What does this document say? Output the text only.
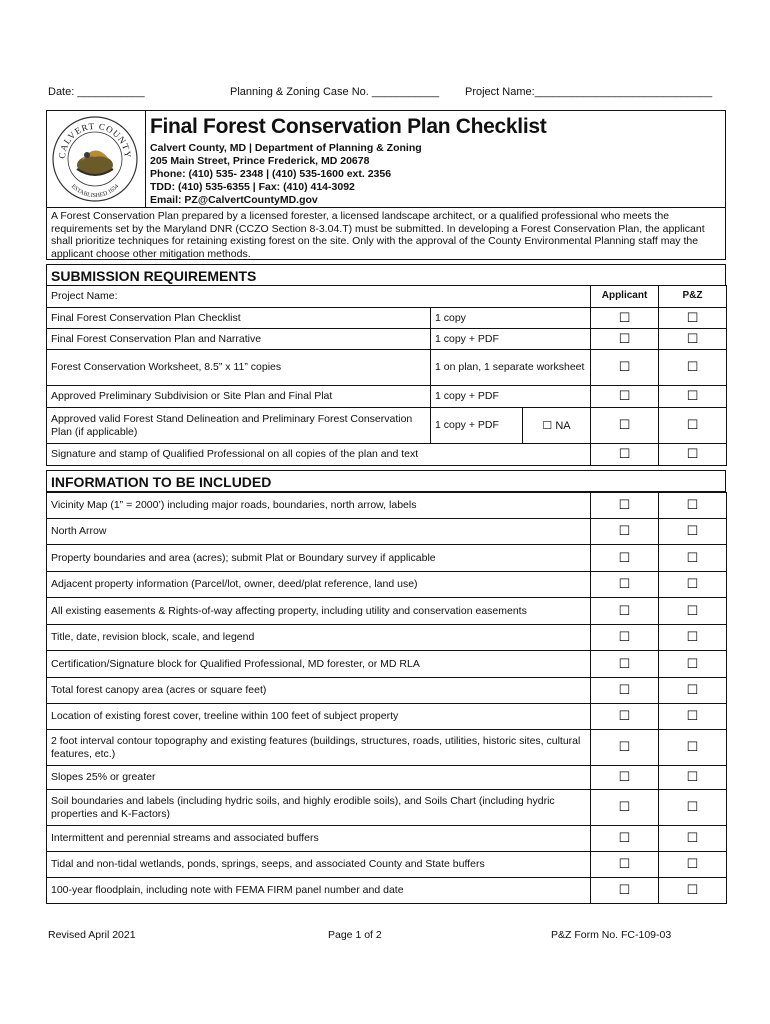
Date: ___________	Planning & Zoning Case No. ___________ Project Name:_____________________________
CALVERT COUNTY
ESTABLISHED 1654
Final Forest Conservation Plan Checklist
Calvert County, MD | Department of Planning & Zoning
205 Main Street, Prince Frederick, MD 20678
Phone: (410) 535- 2348 | (410) 535-1600 ext. 2356
TDD: (410) 535-6355 | Fax: (410) 414-3092
Email: PZ@CalvertCountyMD.gov
A Forest Conservation Plan prepared by a licensed forester, a licensed landscape architect, or a qualified professional who meets the requirements set by the Maryland DNR (CCZO Section 8-3.04.T) must be submitted. In developing a Forest Conservation Plan, the applicant shall prioritize techniques for retaining existing forest on the site. Only with the approval of the County Environmental Planning staff may the applicant choose other mitigation methods.
SUBMISSION REQUIREMENTS
Project Name:			Applicant	P&Z
Final Forest Conservation Plan Checklist	1 copy		☐	☐
Final Forest Conservation Plan and Narrative	1 copy + PDF		☐	☐
Forest Conservation Worksheet, 8.5” x 11” copies	1 on plan, 1 separate worksheet		☐	☐
Approved Preliminary Subdivision or Site Plan and Final Plat	1 copy + PDF		☐	☐
Approved valid Forest Stand Delineation and Preliminary Forest Conservation Plan (if applicable)	1 copy + PDF	☐ NA	☐	☐
Signature and stamp of Qualified Professional on all copies of the plan and text			☐	☐
INFORMATION TO BE INCLUDED
Vicinity Map (1” = 2000’) including major roads, boundaries, north arrow, labels	☐	☐
North Arrow	☐	☐
Property boundaries and area (acres); submit Plat or Boundary survey if applicable	☐	☐
Adjacent property information (Parcel/lot, owner, deed/plat reference, land use)	☐	☐
All existing easements & Rights-of-way affecting property, including utility and conservation easements	☐	☐
Title, date, revision block, scale, and legend	☐	☐
Certification/Signature block for Qualified Professional, MD forester, or MD RLA	☐	☐
Total forest canopy area (acres or square feet)	☐	☐
Location of existing forest cover, treeline within 100 feet of subject property	☐	☐
2 foot interval contour topography and existing features (buildings, structures, roads, utilities, historic sites, cultural features, etc.)	☐	☐
Slopes 25% or greater	☐	☐
Soil boundaries and labels (including hydric soils, and highly erodible soils), and Soils Chart (including hydric properties and K-Factors)	☐	☐
Intermittent and perennial streams and associated buffers	☐	☐
Tidal and non-tidal wetlands, ponds, springs, seeps, and associated County and State buffers	☐	☐
100-year floodplain, including note with FEMA FIRM panel number and date	☐	☐
Revised April 2021	Page 1 of 2	P&Z Form No. FC-109-03
